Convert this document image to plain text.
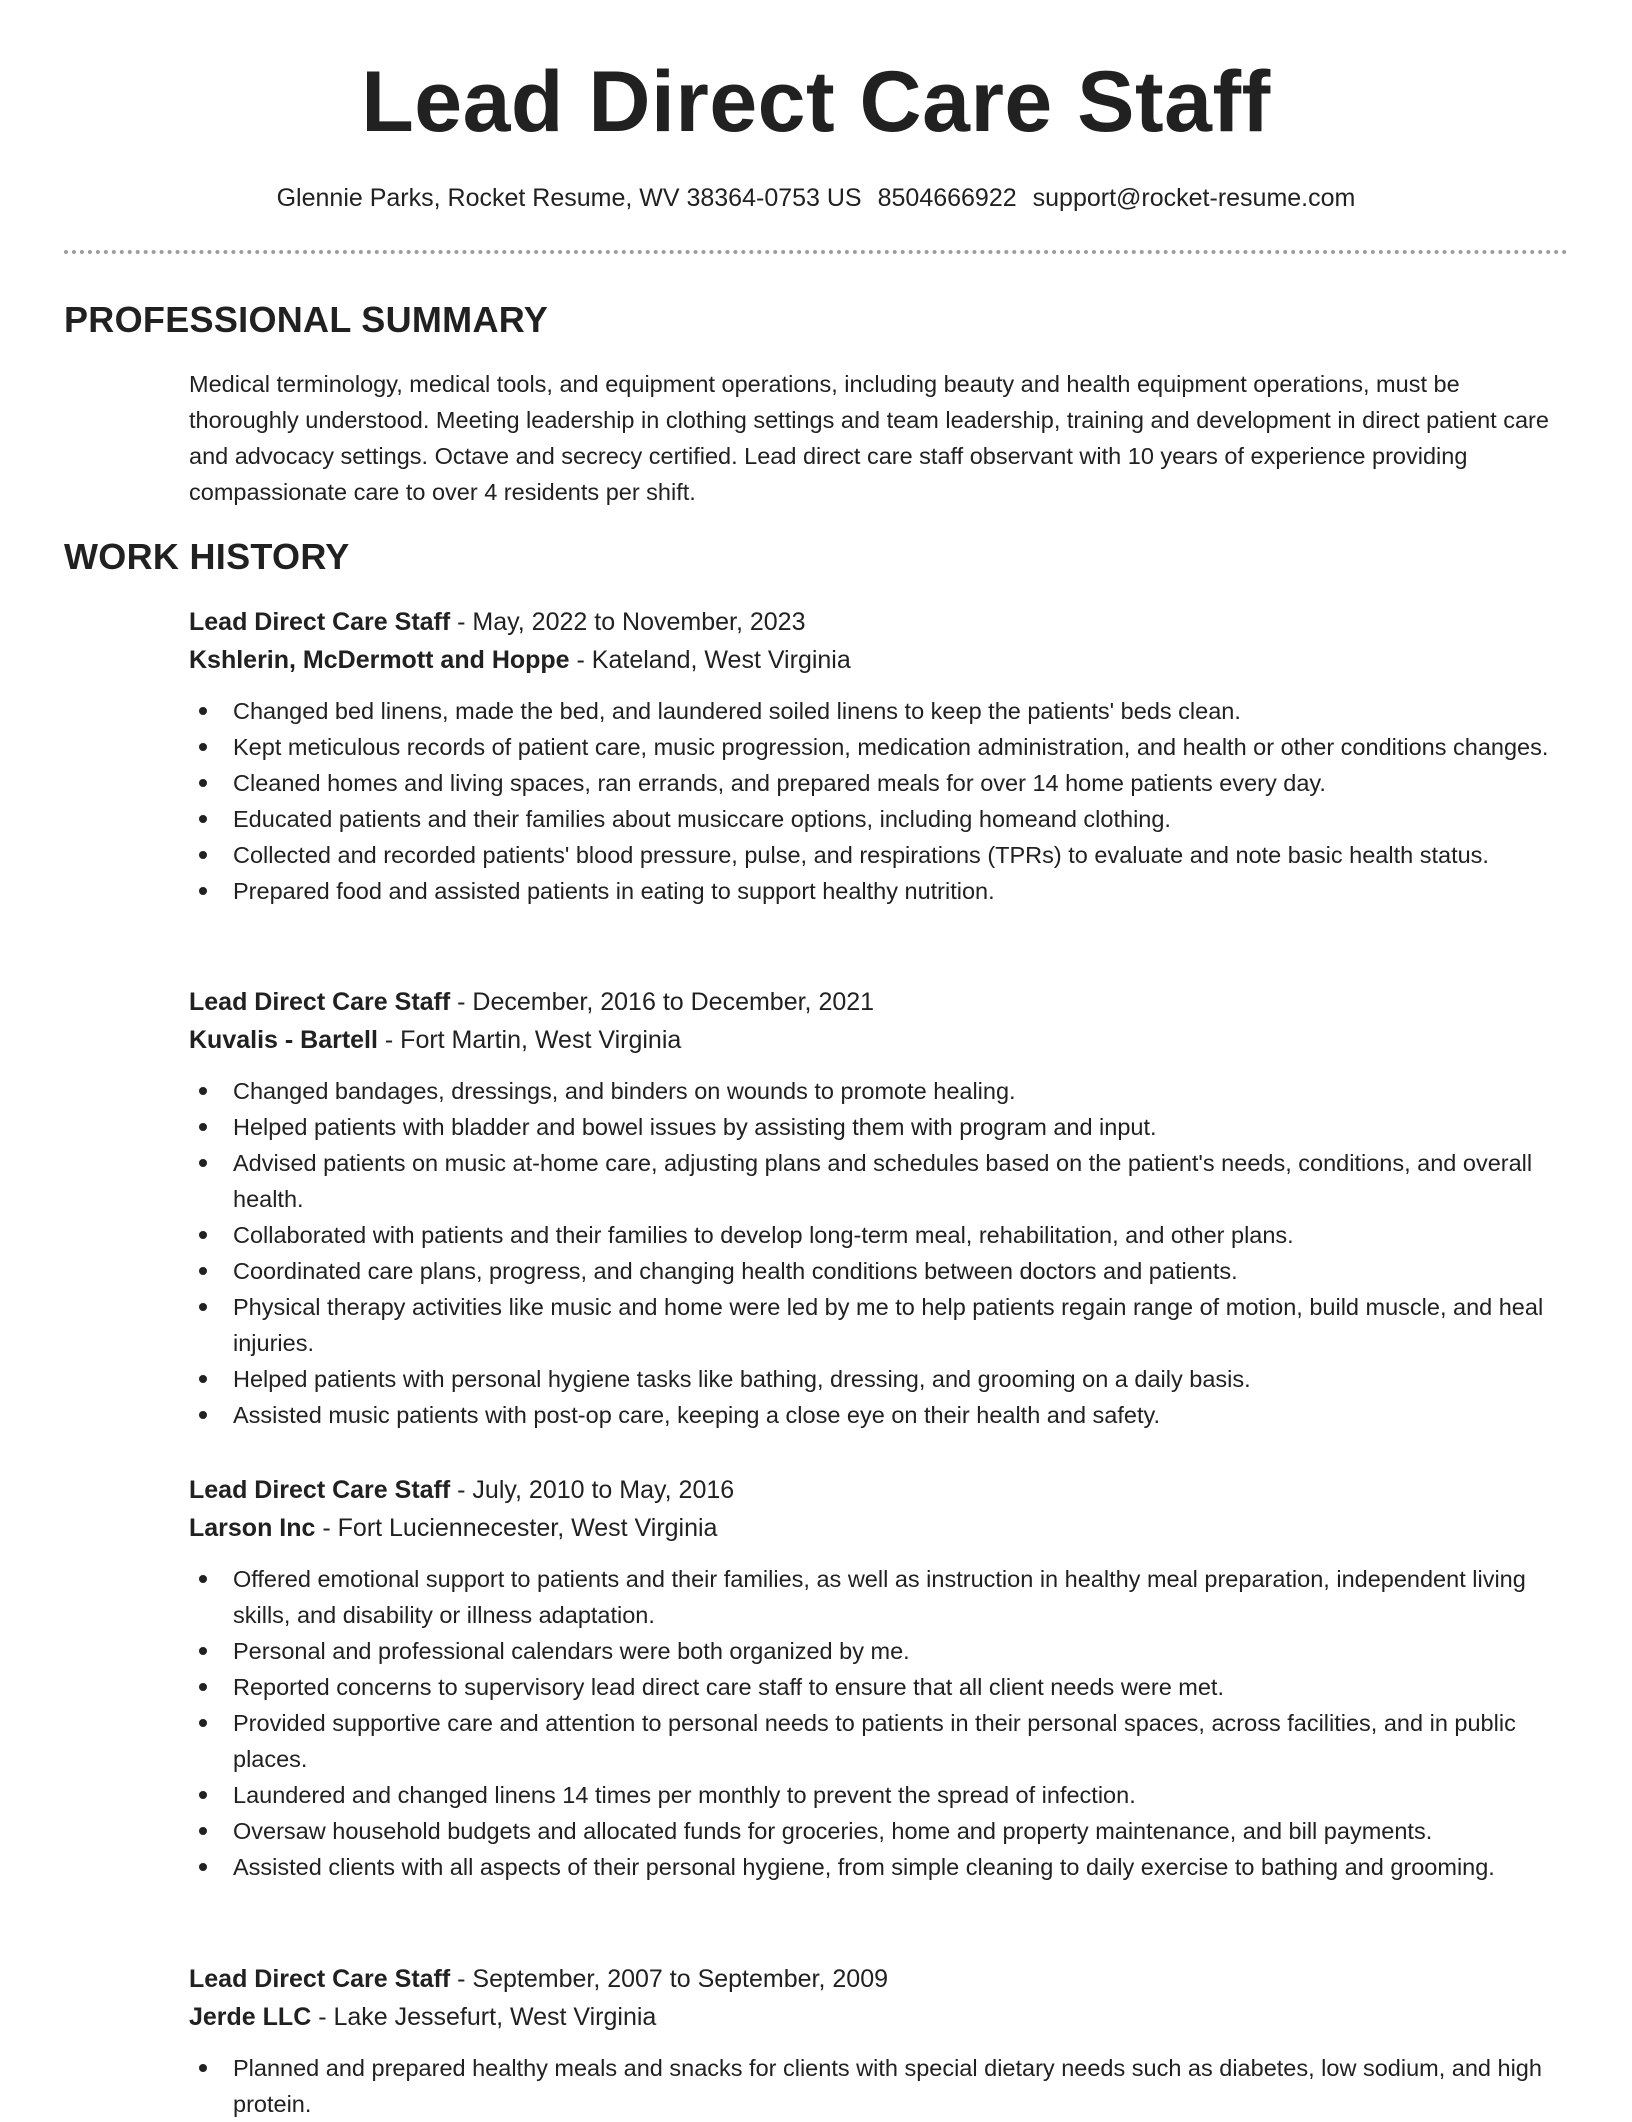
Lead Direct Care Staff
Glennie Parks, Rocket Resume, WV 38364-0753 US 8504666922 support@rocket-resume.com
PROFESSIONAL SUMMARY

Medical terminology, medical tools, and equipment operations, including beauty and health equipment operations, must be thoroughly understood. Meeting leadership in clothing settings and team leadership, training and development in direct patient care and advocacy settings. Octave and secrecy certified. Lead direct care staff observant with 10 years of experience providing compassionate care to over 4 residents per shift.

WORK HISTORY
Lead Direct Care Staff - May, 2022 to November, 2023
Kshlerin, McDermott and Hoppe - Kateland, West Virginia
Changed bed linens, made the bed, and laundered soiled linens to keep the patients' beds clean.
Kept meticulous records of patient care, music progression, medication administration, and health or other conditions changes.
Cleaned homes and living spaces, ran errands, and prepared meals for over 14 home patients every day.
Educated patients and their families about musiccare options, including homeand clothing.
Collected and recorded patients' blood pressure, pulse, and respirations (TPRs) to evaluate and note basic health status.
Prepared food and assisted patients in eating to support healthy nutrition.
Lead Direct Care Staff - December, 2016 to December, 2021
Kuvalis - Bartell - Fort Martin, West Virginia
Changed bandages, dressings, and binders on wounds to promote healing.
Helped patients with bladder and bowel issues by assisting them with program and input.
Advised patients on music at-home care, adjusting plans and schedules based on the patient's needs, conditions, and overall health.
Collaborated with patients and their families to develop long-term meal, rehabilitation, and other plans.
Coordinated care plans, progress, and changing health conditions between doctors and patients.
Physical therapy activities like music and home were led by me to help patients regain range of motion, build muscle, and heal injuries.
Helped patients with personal hygiene tasks like bathing, dressing, and grooming on a daily basis.
Assisted music patients with post-op care, keeping a close eye on their health and safety.
Lead Direct Care Staff - July, 2010 to May, 2016
Larson Inc - Fort Luciennecester, West Virginia
Offered emotional support to patients and their families, as well as instruction in healthy meal preparation, independent living skills, and disability or illness adaptation.
Personal and professional calendars were both organized by me.
Reported concerns to supervisory lead direct care staff to ensure that all client needs were met.
Provided supportive care and attention to personal needs to patients in their personal spaces, across facilities, and in public places.
Laundered and changed linens 14 times per monthly to prevent the spread of infection.
Oversaw household budgets and allocated funds for groceries, home and property maintenance, and bill payments.
Assisted clients with all aspects of their personal hygiene, from simple cleaning to daily exercise to bathing and grooming.
Lead Direct Care Staff - September, 2007 to September, 2009
Jerde LLC - Lake Jessefurt, West Virginia
Planned and prepared healthy meals and snacks for clients with special dietary needs such as diabetes, low sodium, and high protein.
